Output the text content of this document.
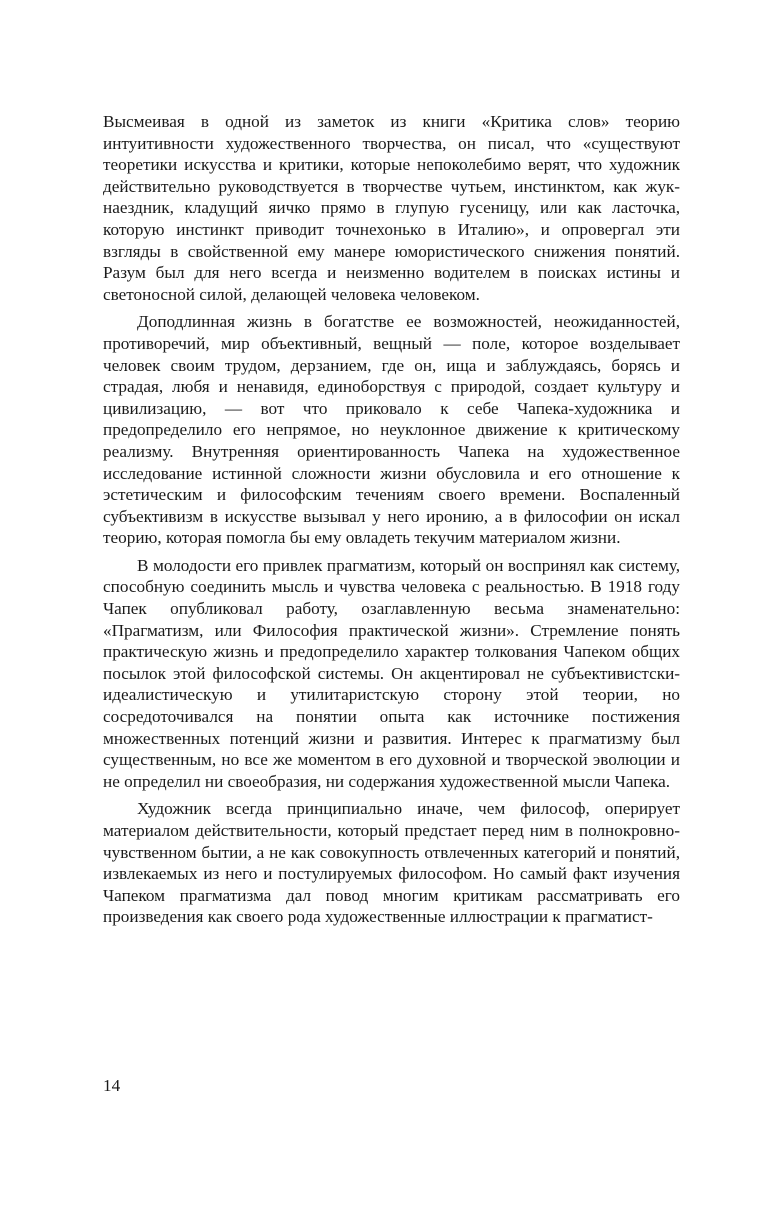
Высмеивая в одной из заметок из книги «Критика слов» теорию интуитивности художественного творчества, он писал, что «существуют теоретики искусства и критики, которые непоколебимо верят, что художник действительно руководствуется в творчестве чутьем, инстинктом, как жук-наездник, кладущий яичко прямо в глупую гусеницу, или как ласточка, которую инстинкт приводит точнехонько в Италию», и опровергал эти взгляды в свойственной ему манере юмористического снижения понятий. Разум был для него всегда и неизменно водителем в поисках истины и светоносной силой, делающей человека человеком.

Доподлинная жизнь в богатстве ее возможностей, неожиданностей, противоречий, мир объективный, вещный — поле, которое возделывает человек своим трудом, дерзанием, где он, ища и заблуждаясь, борясь и страдая, любя и ненавидя, единоборствуя с природой, создает культуру и цивилизацию, — вот что приковало к себе Чапека-художника и предопределило его непрямое, но неуклонное движение к критическому реализму. Внутренняя ориентированность Чапека на художественное исследование истинной сложности жизни обусловила и его отношение к эстетическим и философским течениям своего времени. Воспаленный субъективизм в искусстве вызывал у него иронию, а в философии он искал теорию, которая помогла бы ему овладеть текучим материалом жизни.

В молодости его привлек прагматизм, который он воспринял как систему, способную соединить мысль и чувства человека с реальностью. В 1918 году Чапек опубликовал работу, озаглавленную весьма знаменательно: «Прагматизм, или Философия практической жизни». Стремление понять практическую жизнь и предопределило характер толкования Чапеком общих посылок этой философской системы. Он акцентировал не субъективистски-идеалистическую и утилитаристскую сторону этой теории, но сосредоточивался на понятии опыта как источнике постижения множественных потенций жизни и развития. Интерес к прагматизму был существенным, но все же моментом в его духовной и творческой эволюции и не определил ни своеобразия, ни содержания художественной мысли Чапека.

Художник всегда принципиально иначе, чем философ, оперирует материалом действительности, который предстает перед ним в полнокровно-чувственном бытии, а не как совокупность отвлеченных категорий и понятий, извлекаемых из него и постулируемых философом. Но самый факт изучения Чапеком прагматизма дал повод многим критикам рассматривать его произведения как своего рода художественные иллюстрации к прагматист-

14
